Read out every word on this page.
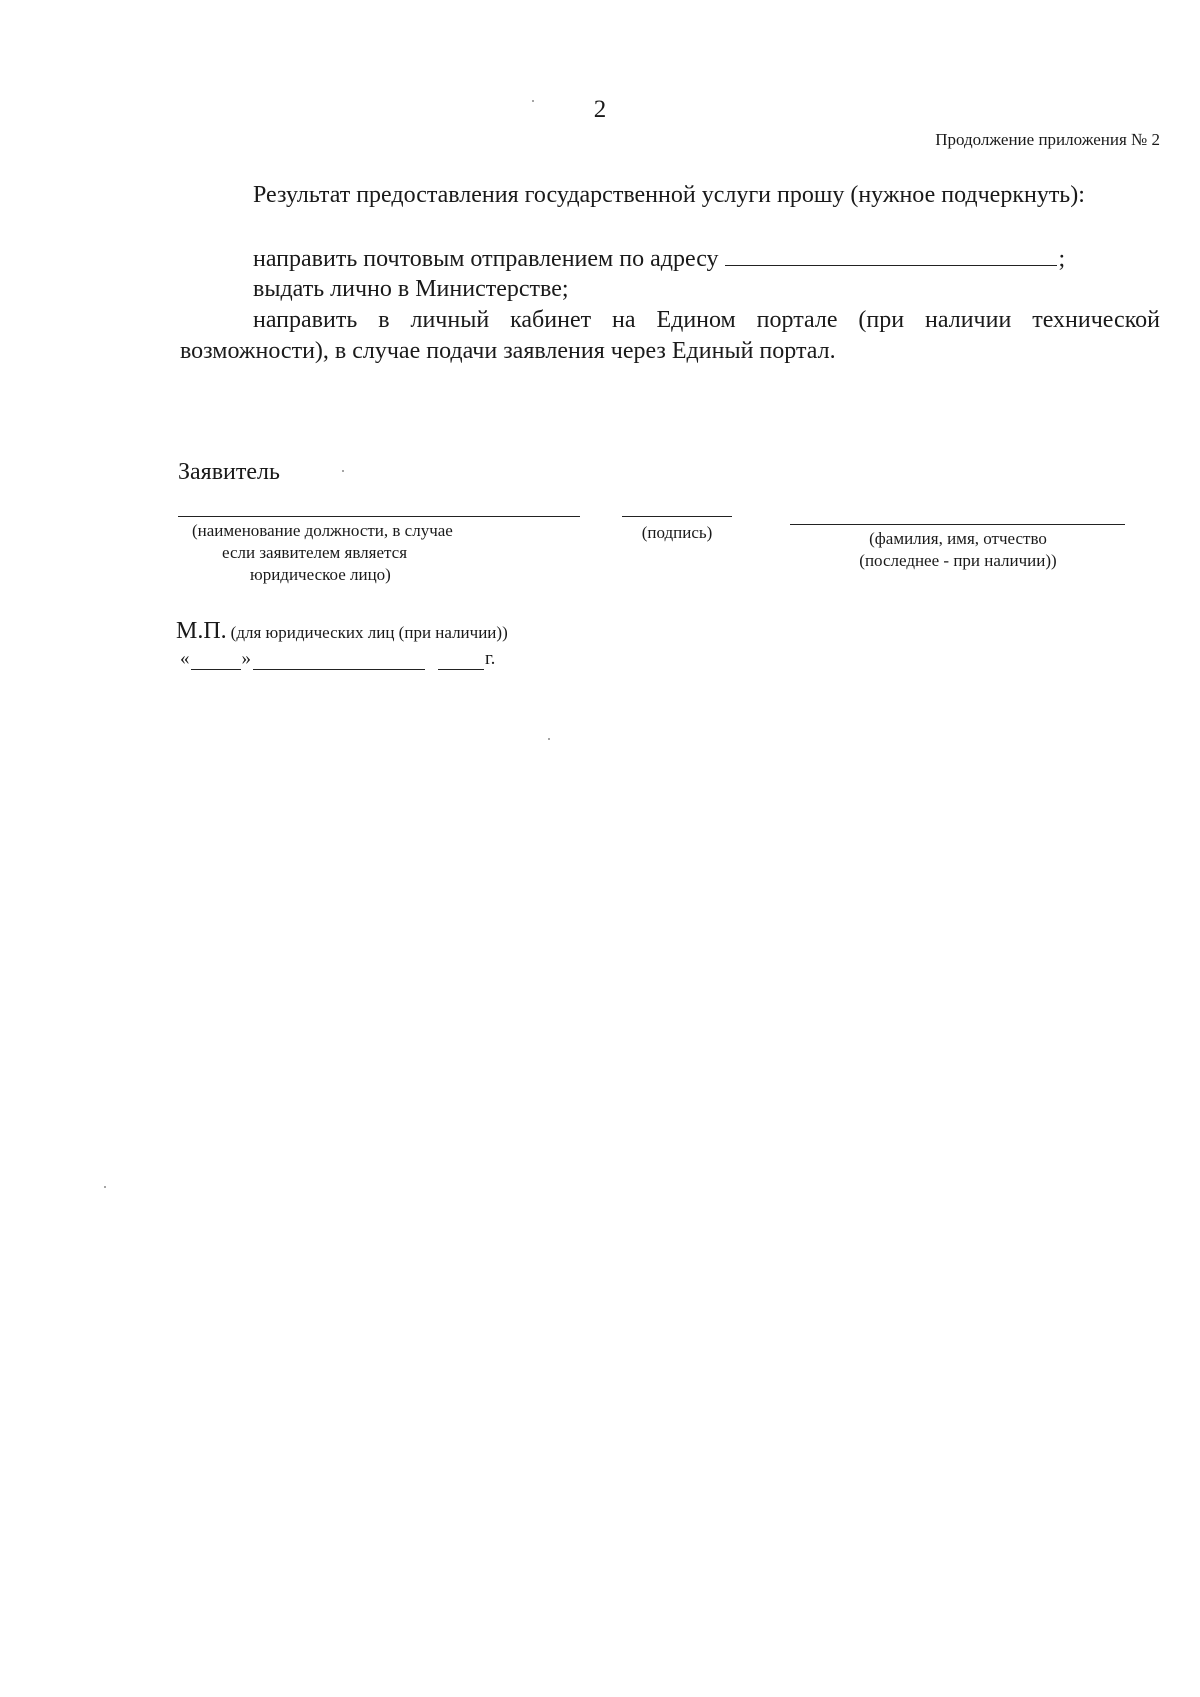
2
Продолжение приложения № 2
Результат предоставления государственной услуги прошу (нужное подчеркнуть):
направить почтовым отправлением по адресу	;
выдать лично в Министерстве;
направить в личный кабинет на Едином портале (при наличии технической возможности), в случае подачи заявления через Единый портал.
Заявитель
(наименование должности, в случае
если заявителем является
юридическое лицо)
(подпись)	(фамилия, имя, отчество
(последнее - при наличии))
М.П. (для юридических лиц (при наличии))
«	»	г.
